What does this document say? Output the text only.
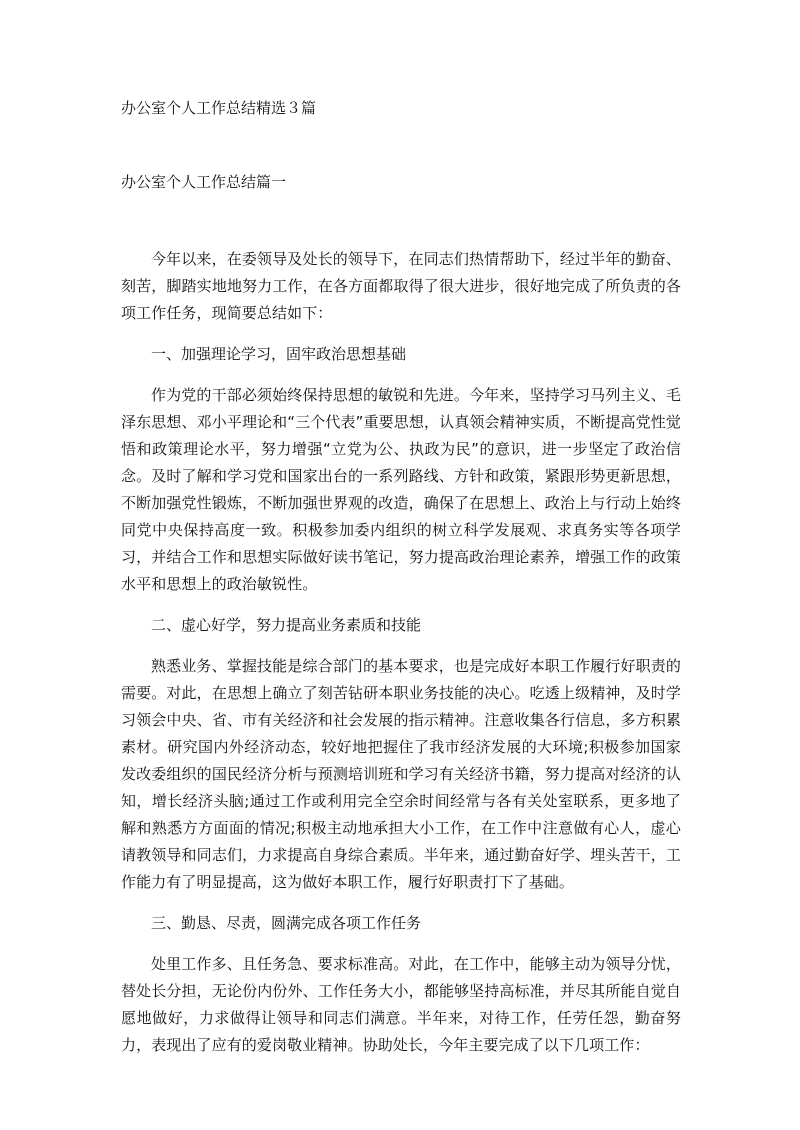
办公室个人工作总结精选３篇
办公室个人工作总结篇一

今年以来，在委领导及处长的领导下，在同志们热情帮助下，经过半年的勤奋、刻苦，脚踏实地地努力工作，在各方面都取得了很大进步，很好地完成了所负责的各项工作任务，现简要总结如下：

一、加强理论学习，固牢政治思想基础

作为党的干部必须始终保持思想的敏锐和先进。今年来，坚持学习马列主义、毛泽东思想、邓小平理论和“三个代表”重要思想，认真领会精神实质，不断提高党性觉悟和政策理论水平，努力增强“立党为公、执政为民”的意识，进一步坚定了政治信念。及时了解和学习党和国家出台的一系列路线、方针和政策，紧跟形势更新思想，不断加强党性锻炼，不断加强世界观的改造，确保了在思想上、政治上与行动上始终同党中央保持高度一致。积极参加委内组织的树立科学发展观、求真务实等各项学习，并结合工作和思想实际做好读书笔记，努力提高政治理论素养，增强工作的政策水平和思想上的政治敏锐性。

二、虚心好学，努力提高业务素质和技能

熟悉业务、掌握技能是综合部门的基本要求，也是完成好本职工作履行好职责的需要。对此，在思想上确立了刻苦钻研本职业务技能的决心。吃透上级精神，及时学习领会中央、省、市有关经济和社会发展的指示精神。注意收集各行信息，多方积累素材。研究国内外经济动态，较好地把握住了我市经济发展的大环境;积极参加国家发改委组织的国民经济分析与预测培训班和学习有关经济书籍，努力提高对经济的认知，增长经济头脑;通过工作或利用完全空余时间经常与各有关处室联系，更多地了解和熟悉方方面面的情况;积极主动地承担大小工作，在工作中注意做有心人，虚心请教领导和同志们，力求提高自身综合素质。半年来，通过勤奋好学、埋头苦干，工作能力有了明显提高，这为做好本职工作，履行好职责打下了基础。

三、勤恳、尽责，圆满完成各项工作任务

处里工作多、且任务急、要求标准高。对此，在工作中，能够主动为领导分忧，替处长分担，无论份内份外、工作任务大小，都能够坚持高标准，并尽其所能自觉自愿地做好，力求做得让领导和同志们满意。半年来，对待工作，任劳任怨，勤奋努力，表现出了应有的爱岗敬业精神。协助处长，今年主要完成了以下几项工作：
